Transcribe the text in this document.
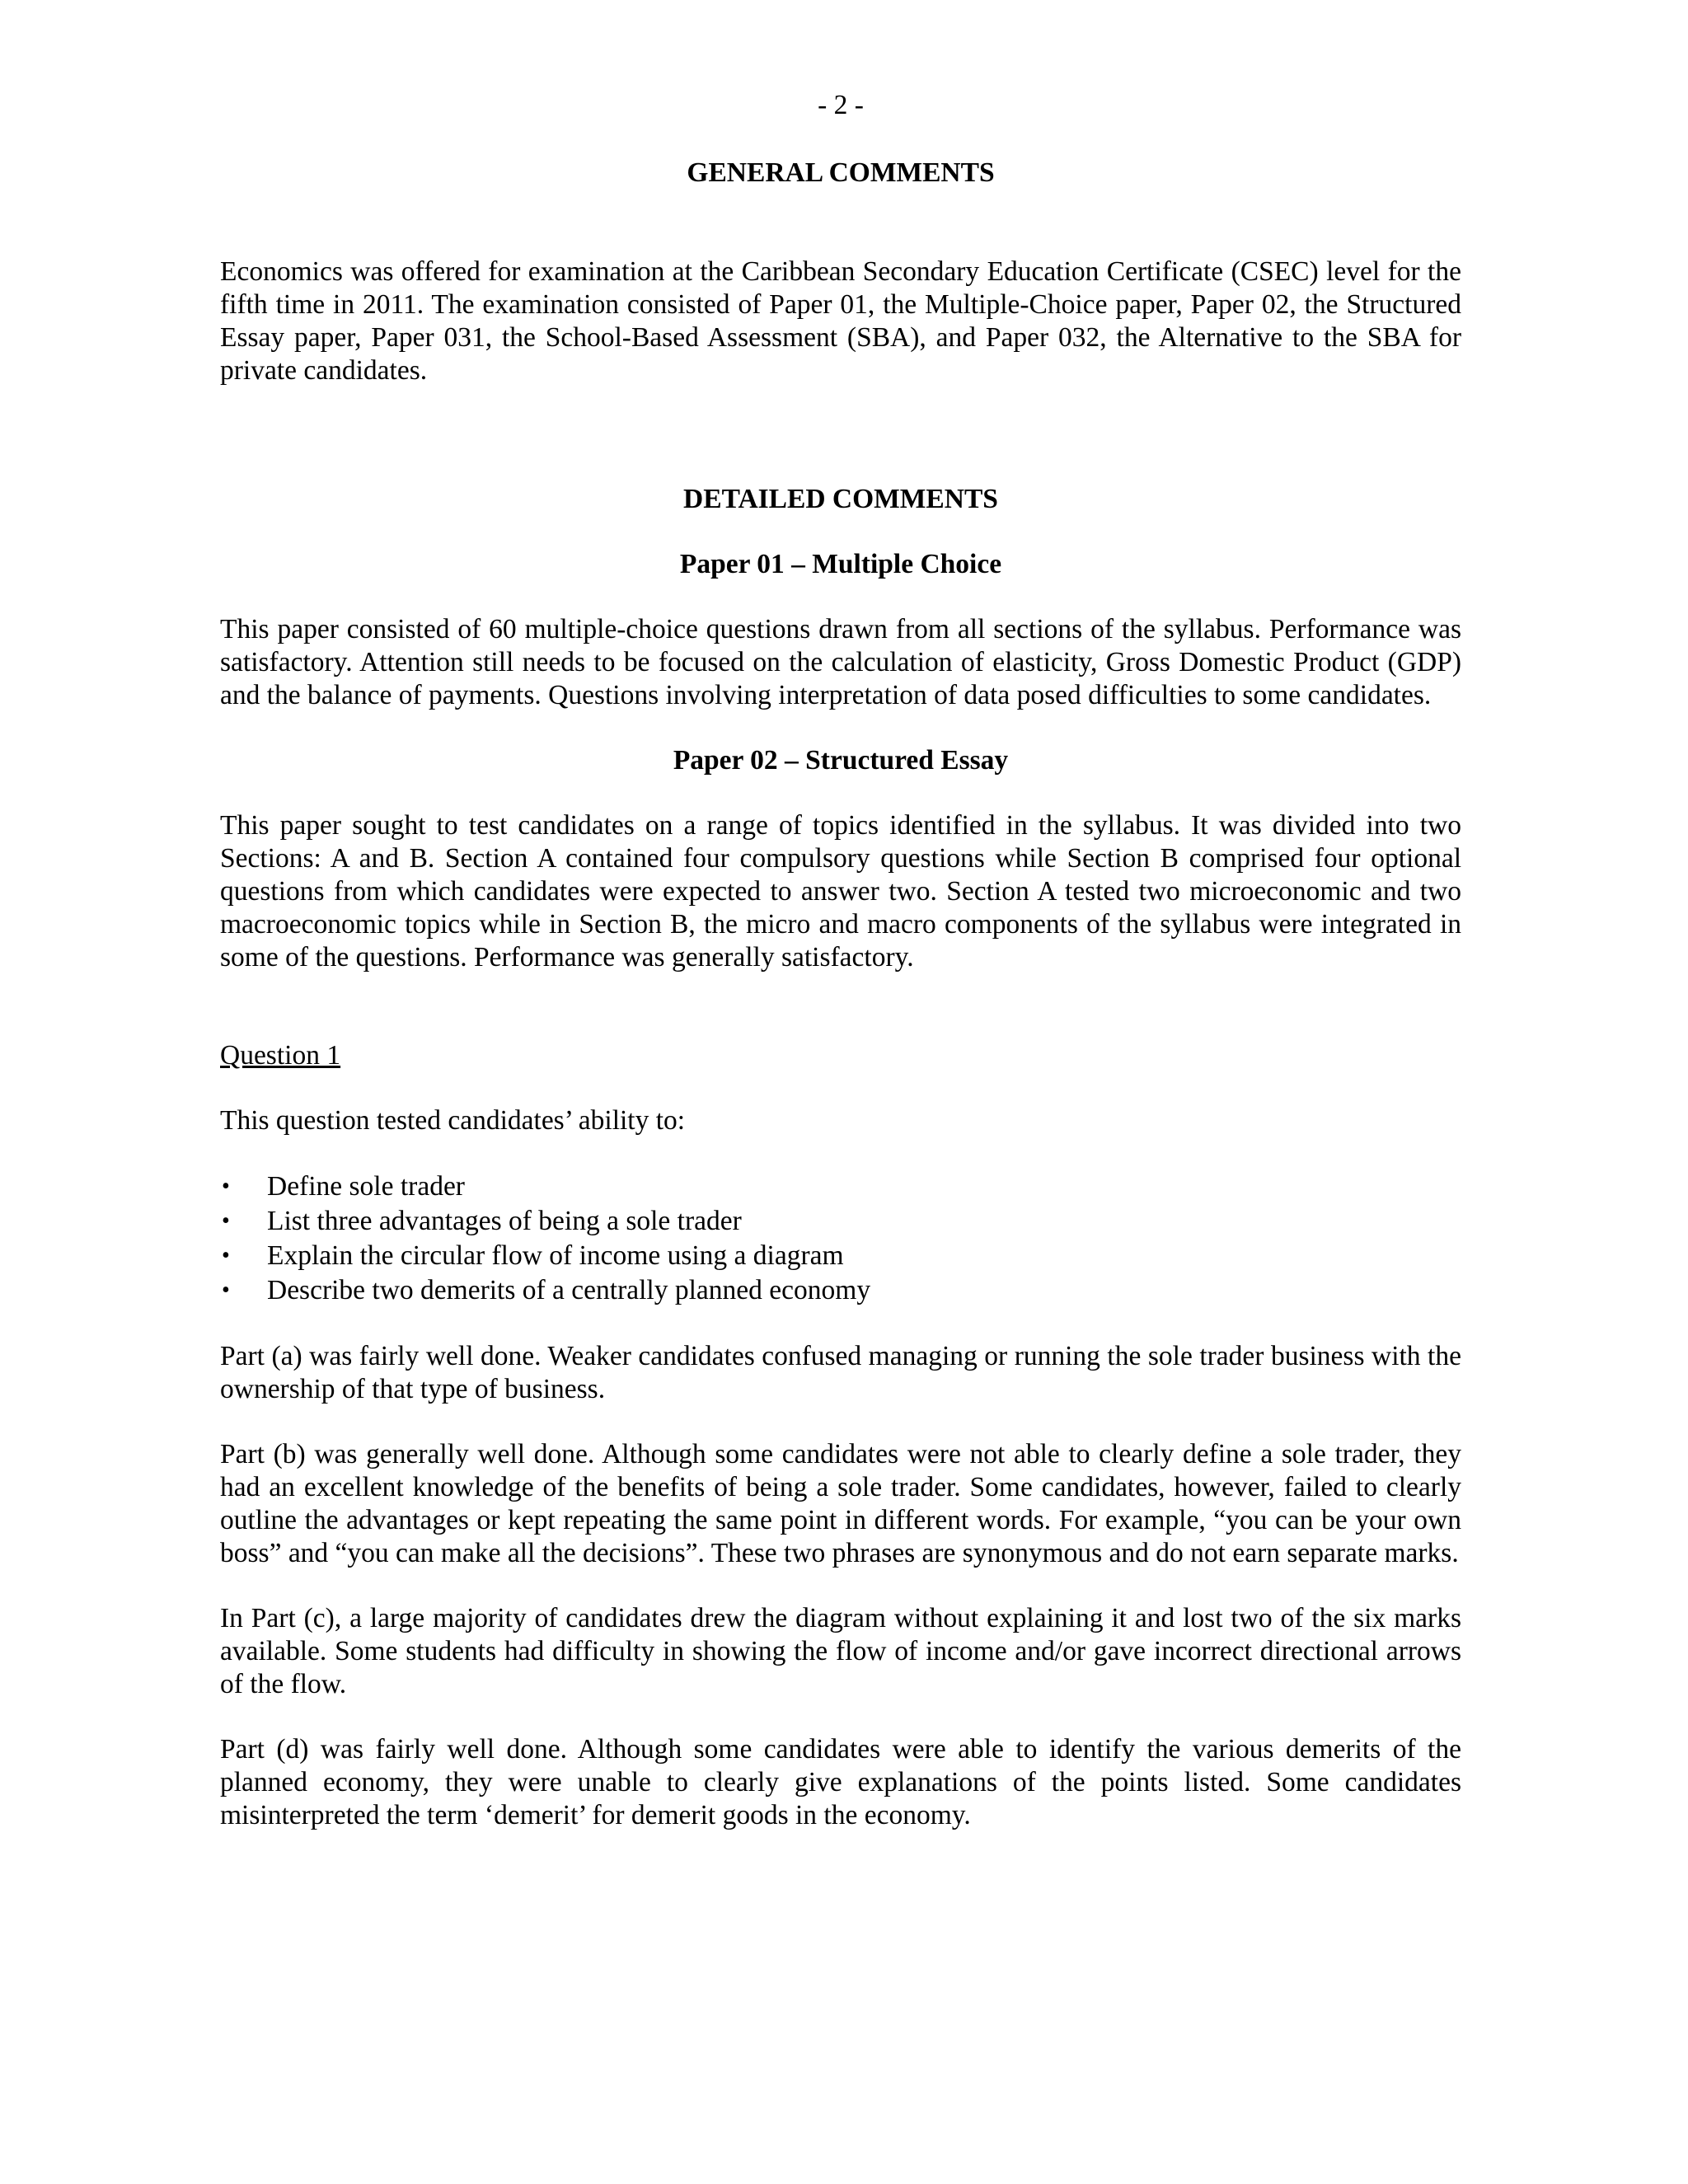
- 2 -
GENERAL COMMENTS

Economics was offered for examination at the Caribbean Secondary Education Certificate (CSEC) level for the fifth time in 2011. The examination consisted of Paper 01, the Multiple-Choice paper, Paper 02, the Structured Essay paper, Paper 031, the School-Based Assessment (SBA), and Paper 032, the Alternative to the SBA for private candidates.

DETAILED COMMENTS
Paper 01 – Multiple Choice

This paper consisted of 60 multiple-choice questions drawn from all sections of the syllabus. Performance was satisfactory. Attention still needs to be focused on the calculation of elasticity, Gross Domestic Product (GDP) and the balance of payments. Questions involving interpretation of data posed difficulties to some candidates.

Paper 02 – Structured Essay

This paper sought to test candidates on a range of topics identified in the syllabus. It was divided into two Sections: A and B. Section A contained four compulsory questions while Section B comprised four optional questions from which candidates were expected to answer two. Section A tested two microeconomic and two macroeconomic topics while in Section B, the micro and macro components of the syllabus were integrated in some of the questions. Performance was generally satisfactory.

Question 1

This question tested candidates’ ability to:

• Define sole trader
• List three advantages of being a sole trader
• Explain the circular flow of income using a diagram
• Describe two demerits of a centrally planned economy

Part (a) was fairly well done. Weaker candidates confused managing or running the sole trader business with the ownership of that type of business.

Part (b) was generally well done. Although some candidates were not able to clearly define a sole trader, they had an excellent knowledge of the benefits of being a sole trader. Some candidates, however, failed to clearly outline the advantages or kept repeating the same point in different words. For example, “you can be your own boss” and “you can make all the decisions”. These two phrases are synonymous and do not earn separate marks.

In Part (c), a large majority of candidates drew the diagram without explaining it and lost two of the six marks available. Some students had difficulty in showing the flow of income and/or gave incorrect directional arrows of the flow.

Part (d) was fairly well done. Although some candidates were able to identify the various demerits of the planned economy, they were unable to clearly give explanations of the points listed. Some candidates misinterpreted the term ‘demerit’ for demerit goods in the economy.
